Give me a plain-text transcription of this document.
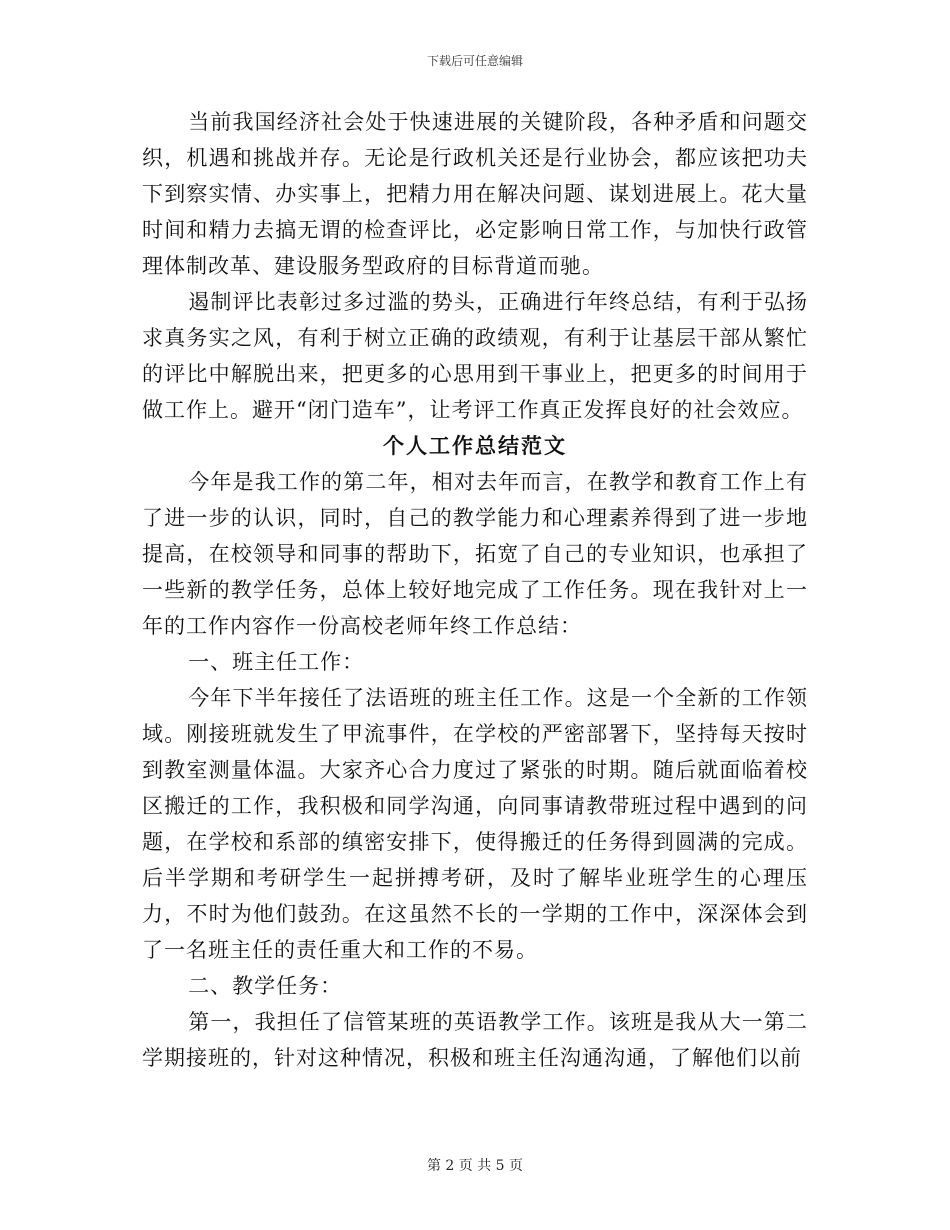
下载后可任意编辑

当前我国经济社会处于快速进展的关键阶段，各种矛盾和问题交织，机遇和挑战并存。无论是行政机关还是行业协会，都应该把功夫下到察实情、办实事上，把精力用在解决问题、谋划进展上。花大量时间和精力去搞无谓的检查评比，必定影响日常工作，与加快行政管理体制改革、建设服务型政府的目标背道而驰。

遏制评比表彰过多过滥的势头，正确进行年终总结，有利于弘扬求真务实之风，有利于树立正确的政绩观，有利于让基层干部从繁忙的评比中解脱出来，把更多的心思用到干事业上，把更多的时间用于做工作上。避开“闭门造车”，让考评工作真正发挥良好的社会效应。

个人工作总结范文

今年是我工作的第二年，相对去年而言，在教学和教育工作上有了进一步的认识，同时，自己的教学能力和心理素养得到了进一步地提高，在校领导和同事的帮助下，拓宽了自己的专业知识，也承担了一些新的教学任务，总体上较好地完成了工作任务。现在我针对上一年的工作内容作一份高校老师年终工作总结：

一、班主任工作：

今年下半年接任了法语班的班主任工作。这是一个全新的工作领域。刚接班就发生了甲流事件，在学校的严密部署下，坚持每天按时到教室测量体温。大家齐心合力度过了紧张的时期。随后就面临着校区搬迁的工作，我积极和同学沟通，向同事请教带班过程中遇到的问题，在学校和系部的缜密安排下，使得搬迁的任务得到圆满的完成。后半学期和考研学生一起拼搏考研，及时了解毕业班学生的心理压力，不时为他们鼓劲。在这虽然不长的一学期的工作中，深深体会到了一名班主任的责任重大和工作的不易。

二、教学任务：

第一，我担任了信管某班的英语教学工作。该班是我从大一第二学期接班的，针对这种情况，积极和班主任沟通沟通，了解他们以前

第 2 页 共 5 页
